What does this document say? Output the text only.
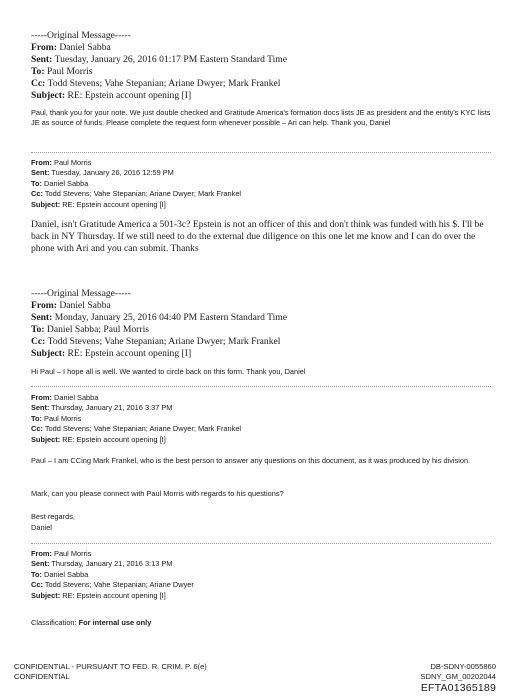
-----Original Message-----
From: Daniel Sabba
Sent: Tuesday, January 26, 2016 01:17 PM Eastern Standard Time
To: Paul Morris
Cc: Todd Stevens; Vahe Stepanian; Ariane Dwyer; Mark Frankel
Subject: RE: Epstein account opening [I]

Paul, thank you for your note. We just double checked and Gratitude America's formation docs lists JE as president and the entity's KYC lists JE as source of funds. Please complete the request form whenever possible – Ari can help. Thank you, Daniel

From: Paul Morris
Sent: Tuesday, January 26, 2016 12:59 PM
To: Daniel Sabba
Cc: Todd Stevens; Vahe Stepanian; Ariane Dwyer; Mark Frankel
Subject: RE: Epstein account opening [I]

Daniel, isn't Gratitude America a 501-3c? Epstein is not an officer of this and don't think was funded with his $. I'll be back in NY Thursday. If we still need to do the external due diligence on this one let me know and I can do over the phone with Ari and you can submit. Thanks

-----Original Message-----
From: Daniel Sabba
Sent: Monday, January 25, 2016 04:40 PM Eastern Standard Time
To: Daniel Sabba; Paul Morris
Cc: Todd Stevens; Vahe Stepanian; Ariane Dwyer; Mark Frankel
Subject: RE: Epstein account opening [I]

Hi Paul – I hope all is well. We wanted to circle back on this form. Thank you, Daniel

From: Daniel Sabba
Sent: Thursday, January 21, 2016 3:37 PM
To: Paul Morris
Cc: Todd Stevens; Vahe Stepanian; Ariane Dwyer; Mark Frankel
Subject: RE: Epstein account opening [I]

Paul – I am CCing Mark Frankel, who is the best person to answer any questions on this document, as it was produced by his division.

Mark, can you please connect with Paul Morris with regards to his questions?

Best regards,

Daniel

From: Paul Morris
Sent: Thursday, January 21, 2016 3:13 PM
To: Daniel Sabba
Cc: Todd Stevens; Vahe Stepanian; Ariane Dwyer
Subject: RE: Epstein account opening [I]

Classification: For internal use only

CONFIDENTIAL - PURSUANT TO FED. R. CRIM. P. 6(e)
CONFIDENTIAL
DB-SDNY-0055860
SDNY_GM_00202044
EFTA01365189
